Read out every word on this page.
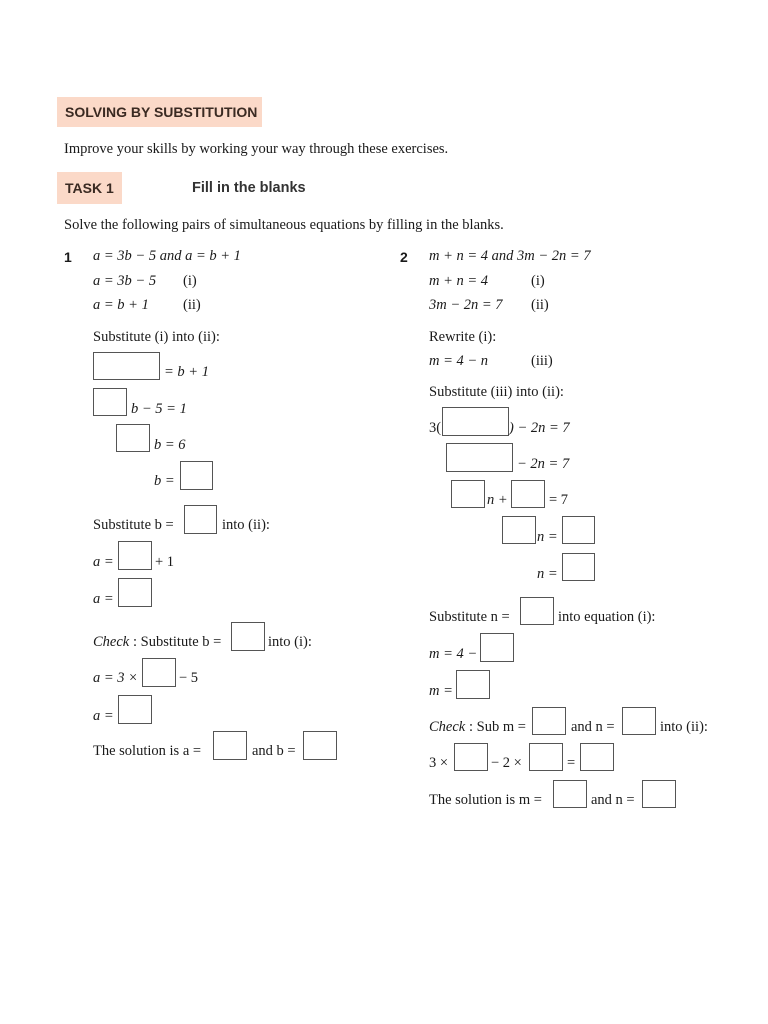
SOLVING BY SUBSTITUTION
Improve your skills by working your way through these exercises.
TASK 1	Fill in the blanks
Solve the following pairs of simultaneous equations by filling in the blanks.
1 a = 3b − 5 and a = b + 1
a = 3b − 5 (i)
a = b + 1 (ii)
Substitute (i) into (ii):
= b + 1
b − 5 = 1
b = 6
b =
Substitute b =	into (ii):
a =	+ 1
a =
Check : Substitute b =	into (i):
a = 3 ×	− 5
a =
The solution is a =	and b =
2 m + n = 4 and 3m − 2n = 7
m + n = 4	(i)
3m − 2n = 7 (ii)
Rewrite (i):
m = 4 − n	(iii)
Substitute (iii) into (ii):
3(	) − 2n = 7
− 2n = 7
n +	= 7
n =
n =
Substitute n =	into equation (i):
m = 4 −
m =
Check : Sub m =	and n =	into (ii):
3 ×	− 2 ×	=
The solution is m =	and n =
